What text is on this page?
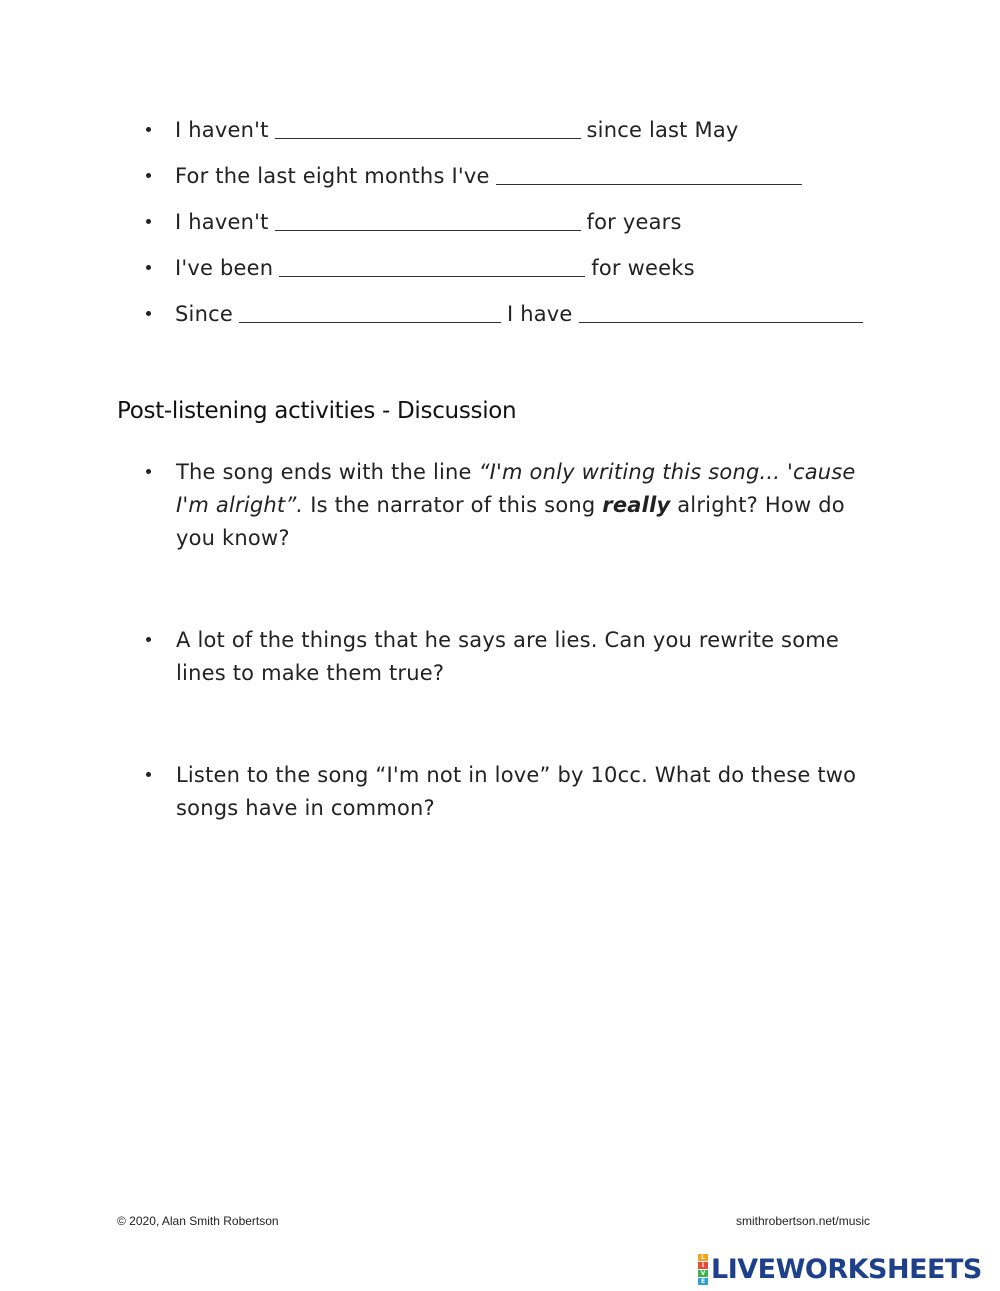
I haven't	since last May
For the last eight months I've
I haven't	for years
I've been	for weeks
Since	I have
Post-listening activities - Discussion
The song ends with the line “I'm only writing this song... 'cause I'm alright”. Is the narrator of this song really alright? How do you know?
A lot of the things that he says are lies. Can you rewrite some lines to make them true?
Listen to the song “I'm not in love” by 10cc. What do these two songs have in common?
© 2020, Alan Smith Robertson	smithrobertson.net/music
L
I
V
E LIVEWORKSHEETS
